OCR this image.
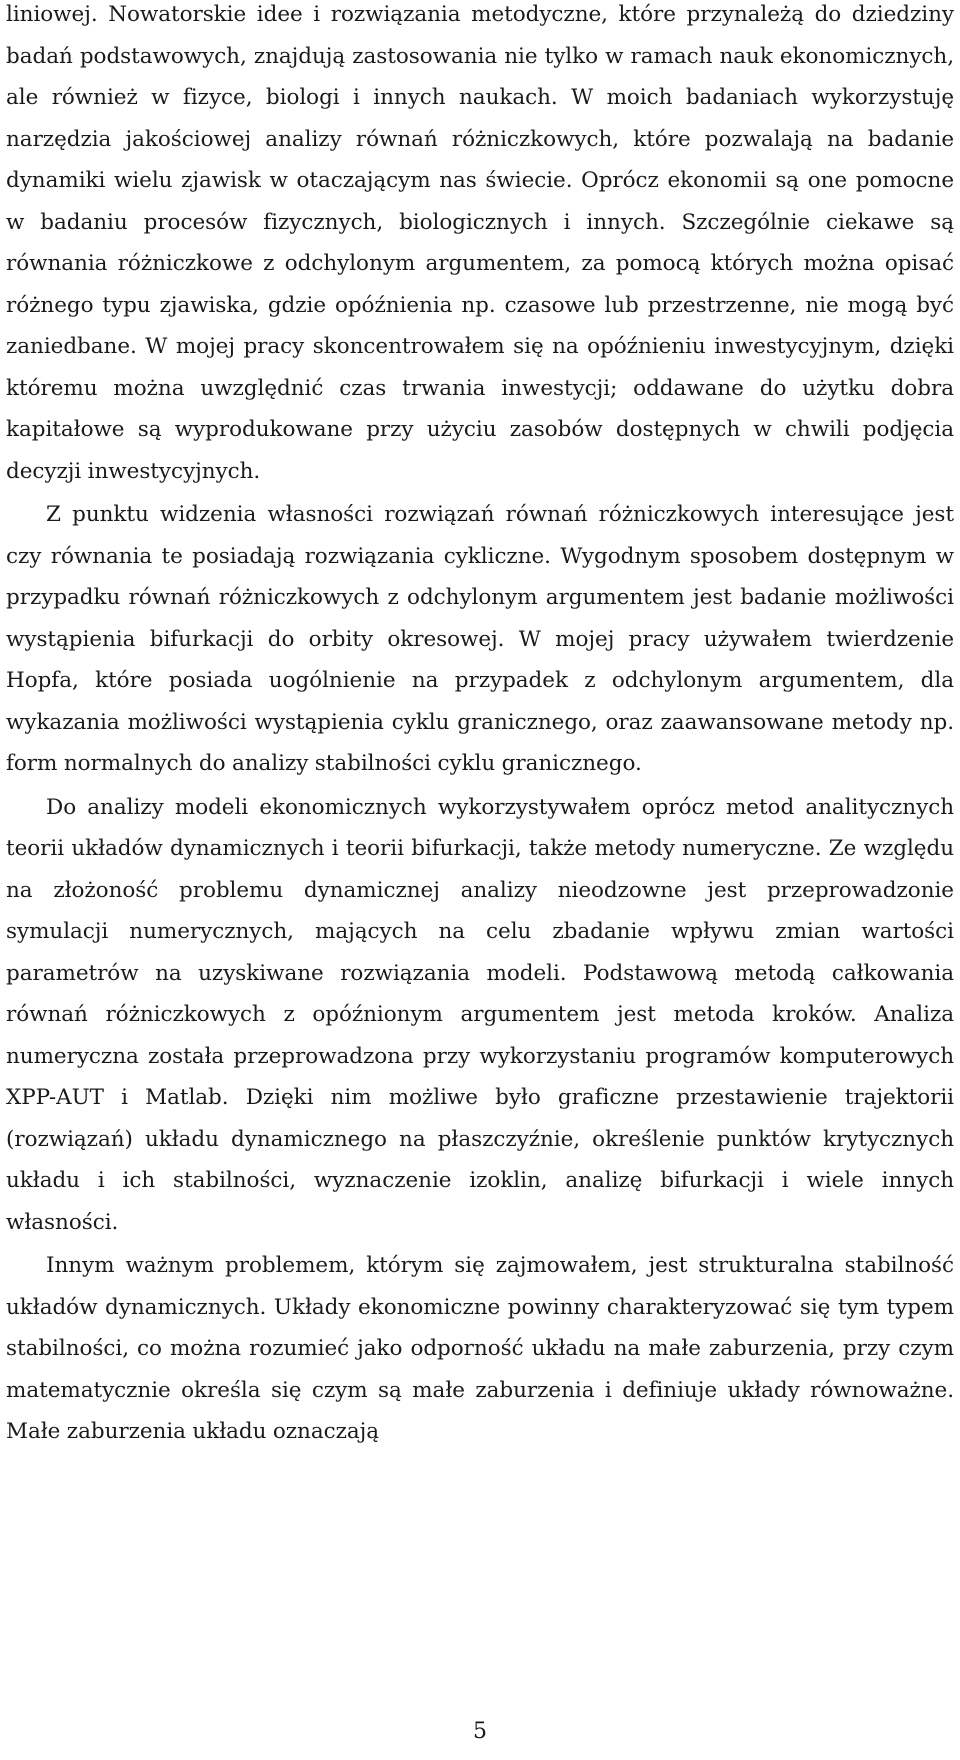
liniowej. Nowatorskie idee i rozwiązania metodyczne, które przynależą do dziedziny badań podstawowych, znajdują zastosowania nie tylko w ramach nauk ekonomicznych, ale również w fizyce, biologi i innych naukach. W moich badaniach wykorzystuję narzędzia jakościowej analizy równań różniczkowych, które pozwalają na badanie dynamiki wielu zjawisk w otaczającym nas świecie. Oprócz ekonomii są one pomocne w badaniu procesów fizycznych, biologicznych i innych. Szczególnie ciekawe są równania różniczkowe z odchylonym argumentem, za pomocą których można opisać różnego typu zjawiska, gdzie opóźnienia np. czasowe lub przestrzenne, nie mogą być zaniedbane. W mojej pracy skoncentrowałem się na opóźnieniu inwestycyjnym, dzięki któremu można uwzględnić czas trwania inwestycji; oddawane do użytku dobra kapitałowe są wyprodukowane przy użyciu zasobów dostępnych w chwili podjęcia decyzji inwestycyjnych.

Z punktu widzenia własności rozwiązań równań różniczkowych interesujące jest czy równania te posiadają rozwiązania cykliczne. Wygodnym sposobem dostępnym w przypadku równań różniczkowych z odchylonym argumentem jest badanie możliwości wystąpienia bifurkacji do orbity okresowej. W mojej pracy używałem twierdzenie Hopfa, które posiada uogólnienie na przypadek z odchylonym argumentem, dla wykazania możliwości wystąpienia cyklu granicznego, oraz zaawansowane metody np. form normalnych do analizy stabilności cyklu granicznego.

Do analizy modeli ekonomicznych wykorzystywałem oprócz metod analitycznych teorii układów dynamicznych i teorii bifurkacji, także metody numeryczne. Ze względu na złożoność problemu dynamicznej analizy nieodzowne jest przeprowadzonie symulacji numerycznych, mających na celu zbadanie wpływu zmian wartości parametrów na uzyskiwane rozwiązania modeli. Podstawową metodą całkowania równań różniczkowych z opóźnionym argumentem jest metoda kroków. Analiza numeryczna została przeprowadzona przy wykorzystaniu programów komputerowych XPP-AUT i Matlab. Dzięki nim możliwe było graficzne przestawienie trajektorii (rozwiązań) układu dynamicznego na płaszczyźnie, określenie punktów krytycznych układu i ich stabilności, wyznaczenie izoklin, analizę bifurkacji i wiele innych własności.

Innym ważnym problemem, którym się zajmowałem, jest strukturalna stabilność układów dynamicznych. Układy ekonomiczne powinny charakteryzować się tym typem stabilności, co można rozumieć jako odporność układu na małe zaburzenia, przy czym matematycznie określa się czym są małe zaburzenia i definiuje układy równoważne. Małe zaburzenia układu oznaczają

5
